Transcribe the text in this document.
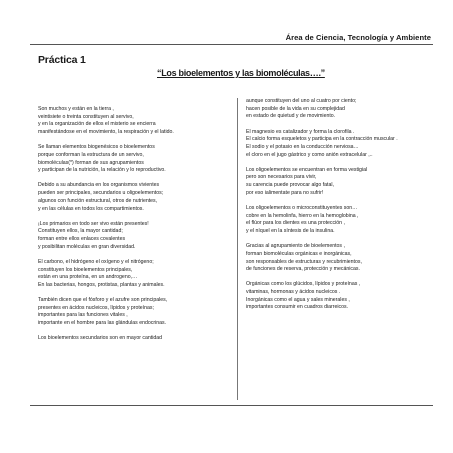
Área de Ciencia, Tecnología y Ambiente
Práctica 1
“Los bioelementos y las biomoléculas….”
Son muchos y están en la tierra ,
veintisiete o treinta constituyen al servivo,
y en la organización de ellos el misterio se encierra
manifestándose en el movimiento, la respiración y el latido.
Se llaman elementos biogenésicos o bioelementos
porque conforman la estructura de un servivo,
biomoléculas(*) forman de sus agrupamientos
y participan de la nutrición, la relación y lo reproductivo.
Debido a su abundancia en los organismos vivientes
pueden ser principales, secundarios u oligoelementos;
algunos con función estructural, otros de nutrientes,
y en las células en todos los compartimientos.
¡Los primarios en todo ser vivo están presentes!
Constituyen ellos, la mayor cantidad;
forman entre ellos enlaces covalentes
y posibilitan moléculas en gran diversidad.
El carbono, el hidrógeno el oxígeno y el nitrógeno;
constituyen los bioelementos principales,
están en una proteína, en un androgeno,…
En las bacterias, hongos, protistas, plantas y animales.
También dicen que el fósforo y el azufre son principales,
presentes en ácidos nucleicos, lípidos y proteínas;
importantes para las funciones vitales ,
importante en el hombre para las glándulas endocrinas.
Los bioelementos secundarios son en mayor cantidad
aunque constituyen del uno al cuatro por ciento;
hacen posible de la vida en su complejidad
en estado de quietud y de movimiento.
El magnesio es catalizador y forma la clorofila .
El calcio forma esqueletos y participa en la contracción muscular .
El sodio y el potasio en la conducción nerviosa…
el cloro en el jugo gástrico y como anión extracelular ,..
Los oligoelementos se encuentran en forma vestigial
pero son necesarios para vivir,
su carencia puede provocar algo fatal,
por eso ialimentate para no sufrir!
Los oligoelementos o microconstituyentes son…
cobre en la hemolinfa, hierro en la hemoglobina ,
el flúor para los dientes es una protección ,
y el níquel en la síntesis de la insulina.
Gracias al agrupamiento de bioelementos ,
forman biomoléculas orgánicas e inorgánicas,
son responsables de estructuras y recubrimientos,
de funciones de reserva, protección y mecánicas.
Orgánicas como los glúcidos, lípidos y proteínas ,
vitaminas, hormonas y ácidos nucleicos .
Inorgánicas como el agua y sales minerales ,
importantes consumir en cuadros diarreicos.
